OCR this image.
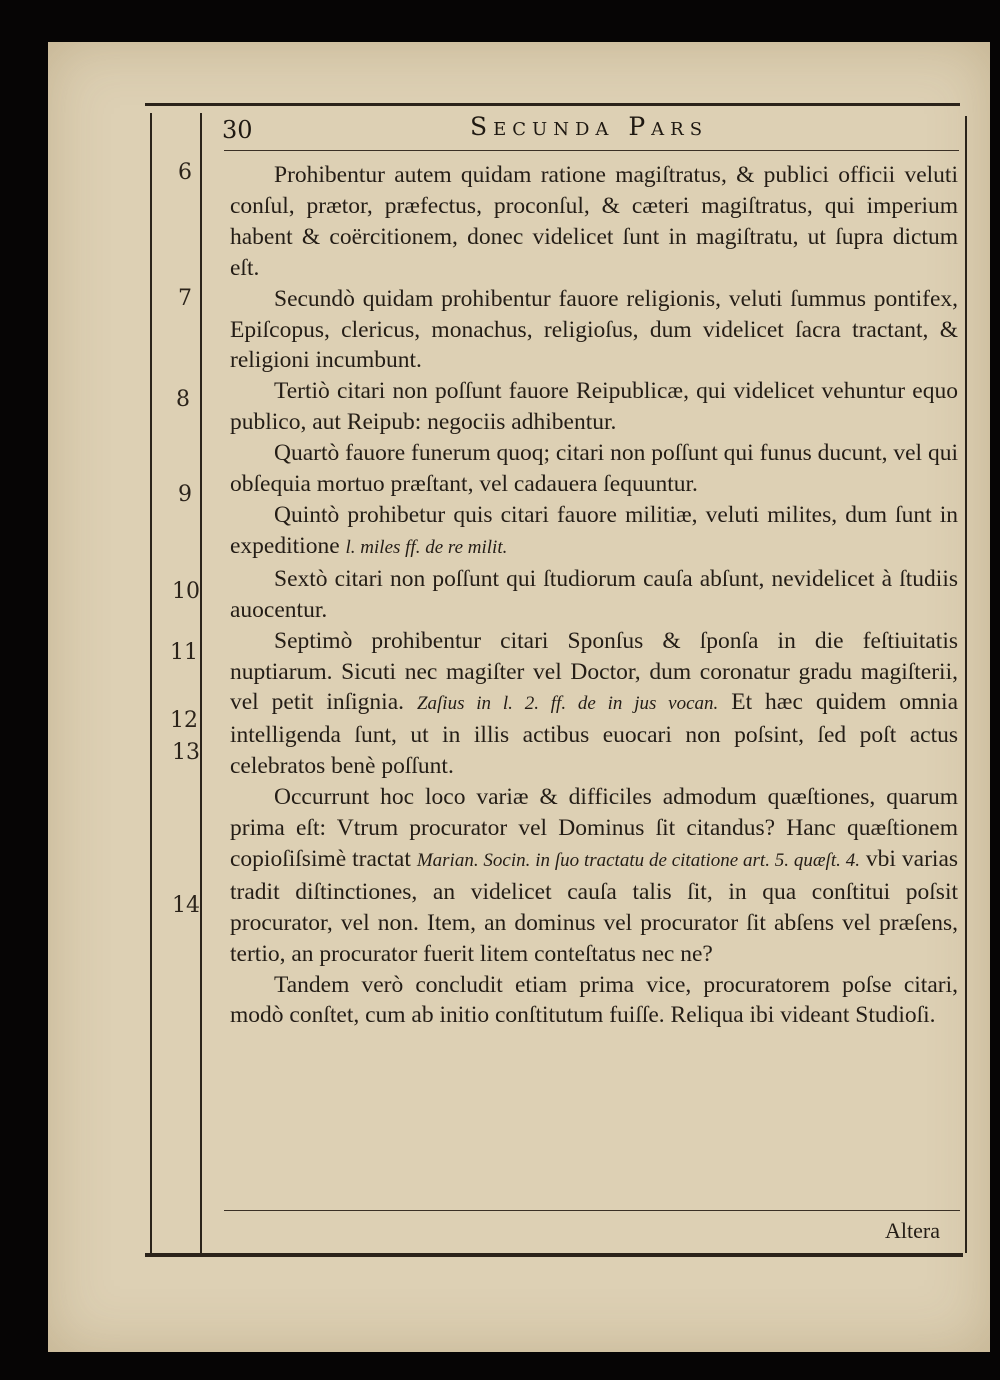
30	Secunda Pars
6
7
8
9
10
11
12
13
14

Prohibentur autem quidam ratione magiſtratus, & publici officii veluti conſul, prætor, præfectus, proconſul, & cæteri magiſtratus, qui imperium habent & coërcitionem, donec videlicet ſunt in magiſtratu, ut ſupra dictum eſt.

Secundò quidam prohibentur fauore religionis, veluti ſummus pontifex, Epiſcopus, clericus, monachus, religioſus, dum videlicet ſacra tractant, & religioni incumbunt.

Tertiò citari non poſſunt fauore Reipublicæ, qui videlicet vehuntur equo publico, aut Reipub: negociis adhibentur.

Quartò fauore funerum quoq; citari non poſſunt qui funus ducunt, vel qui obſequia mortuo præſtant, vel cadauera ſequuntur.

Quintò prohibetur quis citari fauore militiæ, veluti milites, dum ſunt in expeditione l. miles ff. de re milit.

Sextò citari non poſſunt qui ſtudiorum cauſa abſunt, nevidelicet à ſtudiis auocentur.

Septimò prohibentur citari Sponſus & ſponſa in die feſtiuitatis nuptiarum. Sicuti nec magiſter vel Doctor, dum coronatur gradu magiſterii, vel petit inſignia. Zaſius in l. 2. ff. de in jus vocan. Et hæc quidem omnia intelligenda ſunt, ut in illis actibus euocari non poſsint, ſed poſt actus celebratos benè poſſunt.

Occurrunt hoc loco variæ & difficiles admodum quæſtiones, quarum prima eſt: Vtrum procurator vel Dominus ſit citandus? Hanc quæſtionem copioſiſsimè tractat Marian. Socin. in ſuo tractatu de citatione art. 5. quæſt. 4. vbi varias tradit diſtinctiones, an videlicet cauſa talis ſit, in qua conſtitui poſsit procurator, vel non. Item, an dominus vel procurator ſit abſens vel præſens, tertio, an procurator fuerit litem conteſtatus nec ne?

Tandem verò concludit etiam prima vice, procuratorem poſse citari, modò conſtet, cum ab initio conſtitutum fuiſſe. Reliqua ibi videant Studioſi.

Altera
